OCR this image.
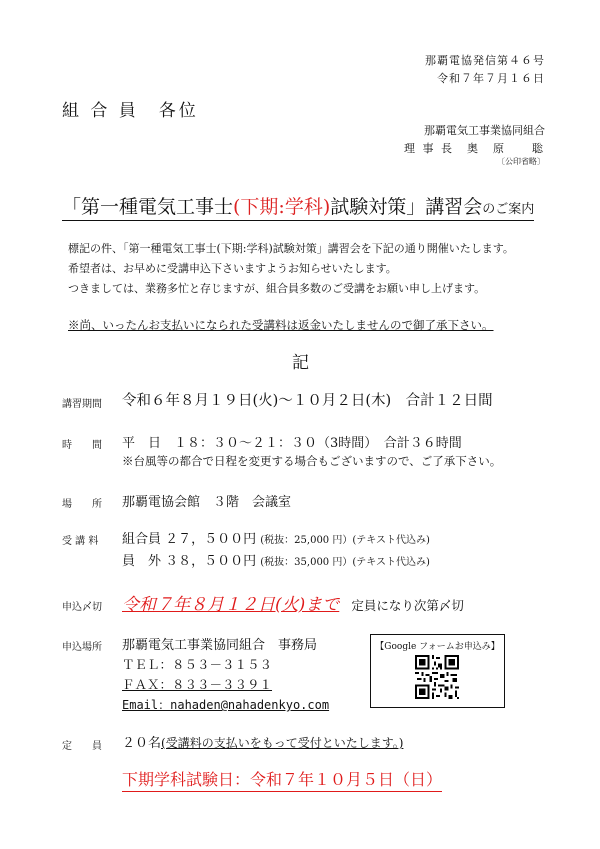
那覇電協発信第４６号
令和７年７月１６日
組 合 員　各位
那覇電気工事業協同組合
理 事 長　奥　原　　聡
〔公印省略〕
「第一種電気工事士(下期:学科)試験対策」講習会のご案内
標記の件、「第一種電気工事士(下期:学科)試験対策」講習会を下記の通り開催いたします。
希望者は、お早めに受講申込下さいますようお知らせいたします。
つきましては、業務多忙と存じますが、組合員多数のご受講をお願い申し上げます。
※尚、いったんお支払いになられた受講料は返金いたしませんので御了承下さい。
記
講習期間 令和６年８月１９日(火)～１０月２日(木)　合計１２日間
時　　間 平　日　１８：３０～２１：３０（3時間）　合計３６時間
※台風等の都合で日程を変更する場合もございますので、ご了承下さい。
場　　所 那覇電協会館　３階　会議室
受 講 料 組合員 ２７，５００円 (税抜：25,000 円）(テキスト代込み)
員　外 ３８，５００円 (税抜：35,000 円）(テキスト代込み)
申込〆切 令和７年８月１２日(火)まで 定員になり次第〆切
申込場所 那覇電気工事業協同組合　事務局
ＴＥＬ：８５３－３１５３
ＦＡＸ：８３３－３３９１
Email：nahaden@nahadenkyo.com
【Google フォームお申込み】
定　　員 ２０名(受講料の支払いをもって受付といたします。)
下期学科試験日：令和７年１０月５日（日）
